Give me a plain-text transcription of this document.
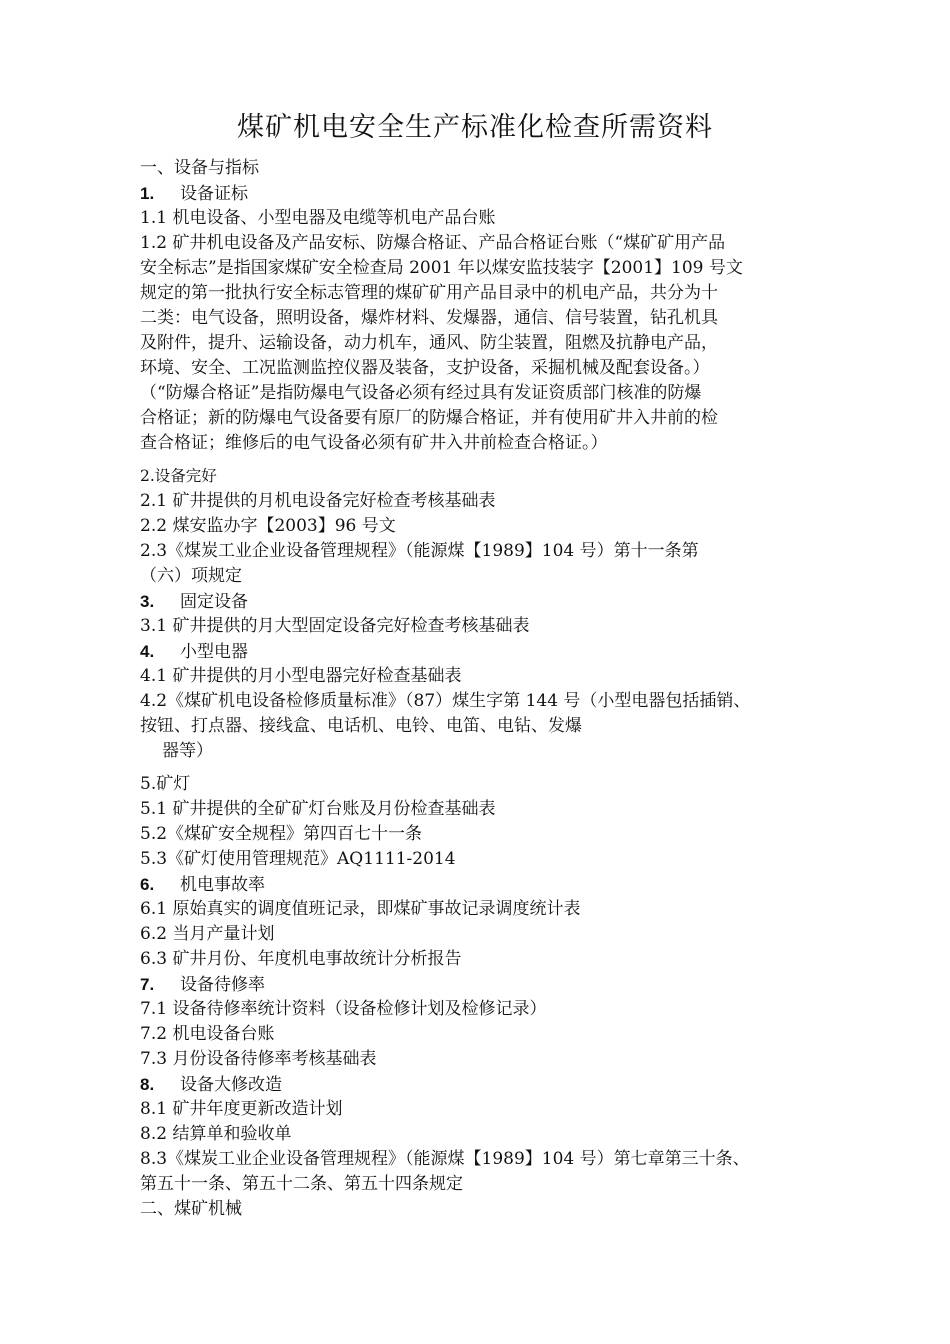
煤矿机电安全生产标准化检查所需资料
一、设备与指标
1. 设备证标
1.1 机电设备、小型电器及电缆等机电产品台账
1.2 矿井机电设备及产品安标、防爆合格证、产品合格证台账（“煤矿矿用产品
安全标志”是指国家煤矿安全检查局 2001 年以煤安监技装字【2001】109 号文
规定的第一批执行安全标志管理的煤矿矿用产品目录中的机电产品，共分为十
二类：电气设备，照明设备，爆炸材料、发爆器，通信、信号装置，钻孔机具
及附件，提升、运输设备，动力机车，通风、防尘装置，阻燃及抗静电产品，
环境、安全、工况监测监控仪器及装备，支护设备，采掘机械及配套设备。）
（“防爆合格证”是指防爆电气设备必须有经过具有发证资质部门核准的防爆
合格证；新的防爆电气设备要有原厂的防爆合格证，并有使用矿井入井前的检
查合格证；维修后的电气设备必须有矿井入井前检查合格证。）
2.设备完好
2.1 矿井提供的月机电设备完好检查考核基础表
2.2 煤安监办字【2003】96 号文
2.3《煤炭工业企业设备管理规程》（能源煤【1989】104 号）第十一条第
（六）项规定
3. 固定设备
3.1 矿井提供的月大型固定设备完好检查考核基础表
4. 小型电器
4.1 矿井提供的月小型电器完好检查基础表
4.2《煤矿机电设备检修质量标准》（87）煤生字第 144 号（小型电器包括插销、
按钮、打点器、接线盒、电话机、电铃、电笛、电钻、发爆
器等）
5.矿灯
5.1 矿井提供的全矿矿灯台账及月份检查基础表
5.2《煤矿安全规程》第四百七十一条
5.3《矿灯使用管理规范》AQ1111-2014
6. 机电事故率
6.1 原始真实的调度值班记录，即煤矿事故记录调度统计表
6.2 当月产量计划
6.3 矿井月份、年度机电事故统计分析报告
7. 设备待修率
7.1 设备待修率统计资料（设备检修计划及检修记录）
7.2 机电设备台账
7.3 月份设备待修率考核基础表
8. 设备大修改造
8.1 矿井年度更新改造计划
8.2 结算单和验收单
8.3《煤炭工业企业设备管理规程》（能源煤【1989】104 号）第七章第三十条、
第五十一条、第五十二条、第五十四条规定
二、煤矿机械
